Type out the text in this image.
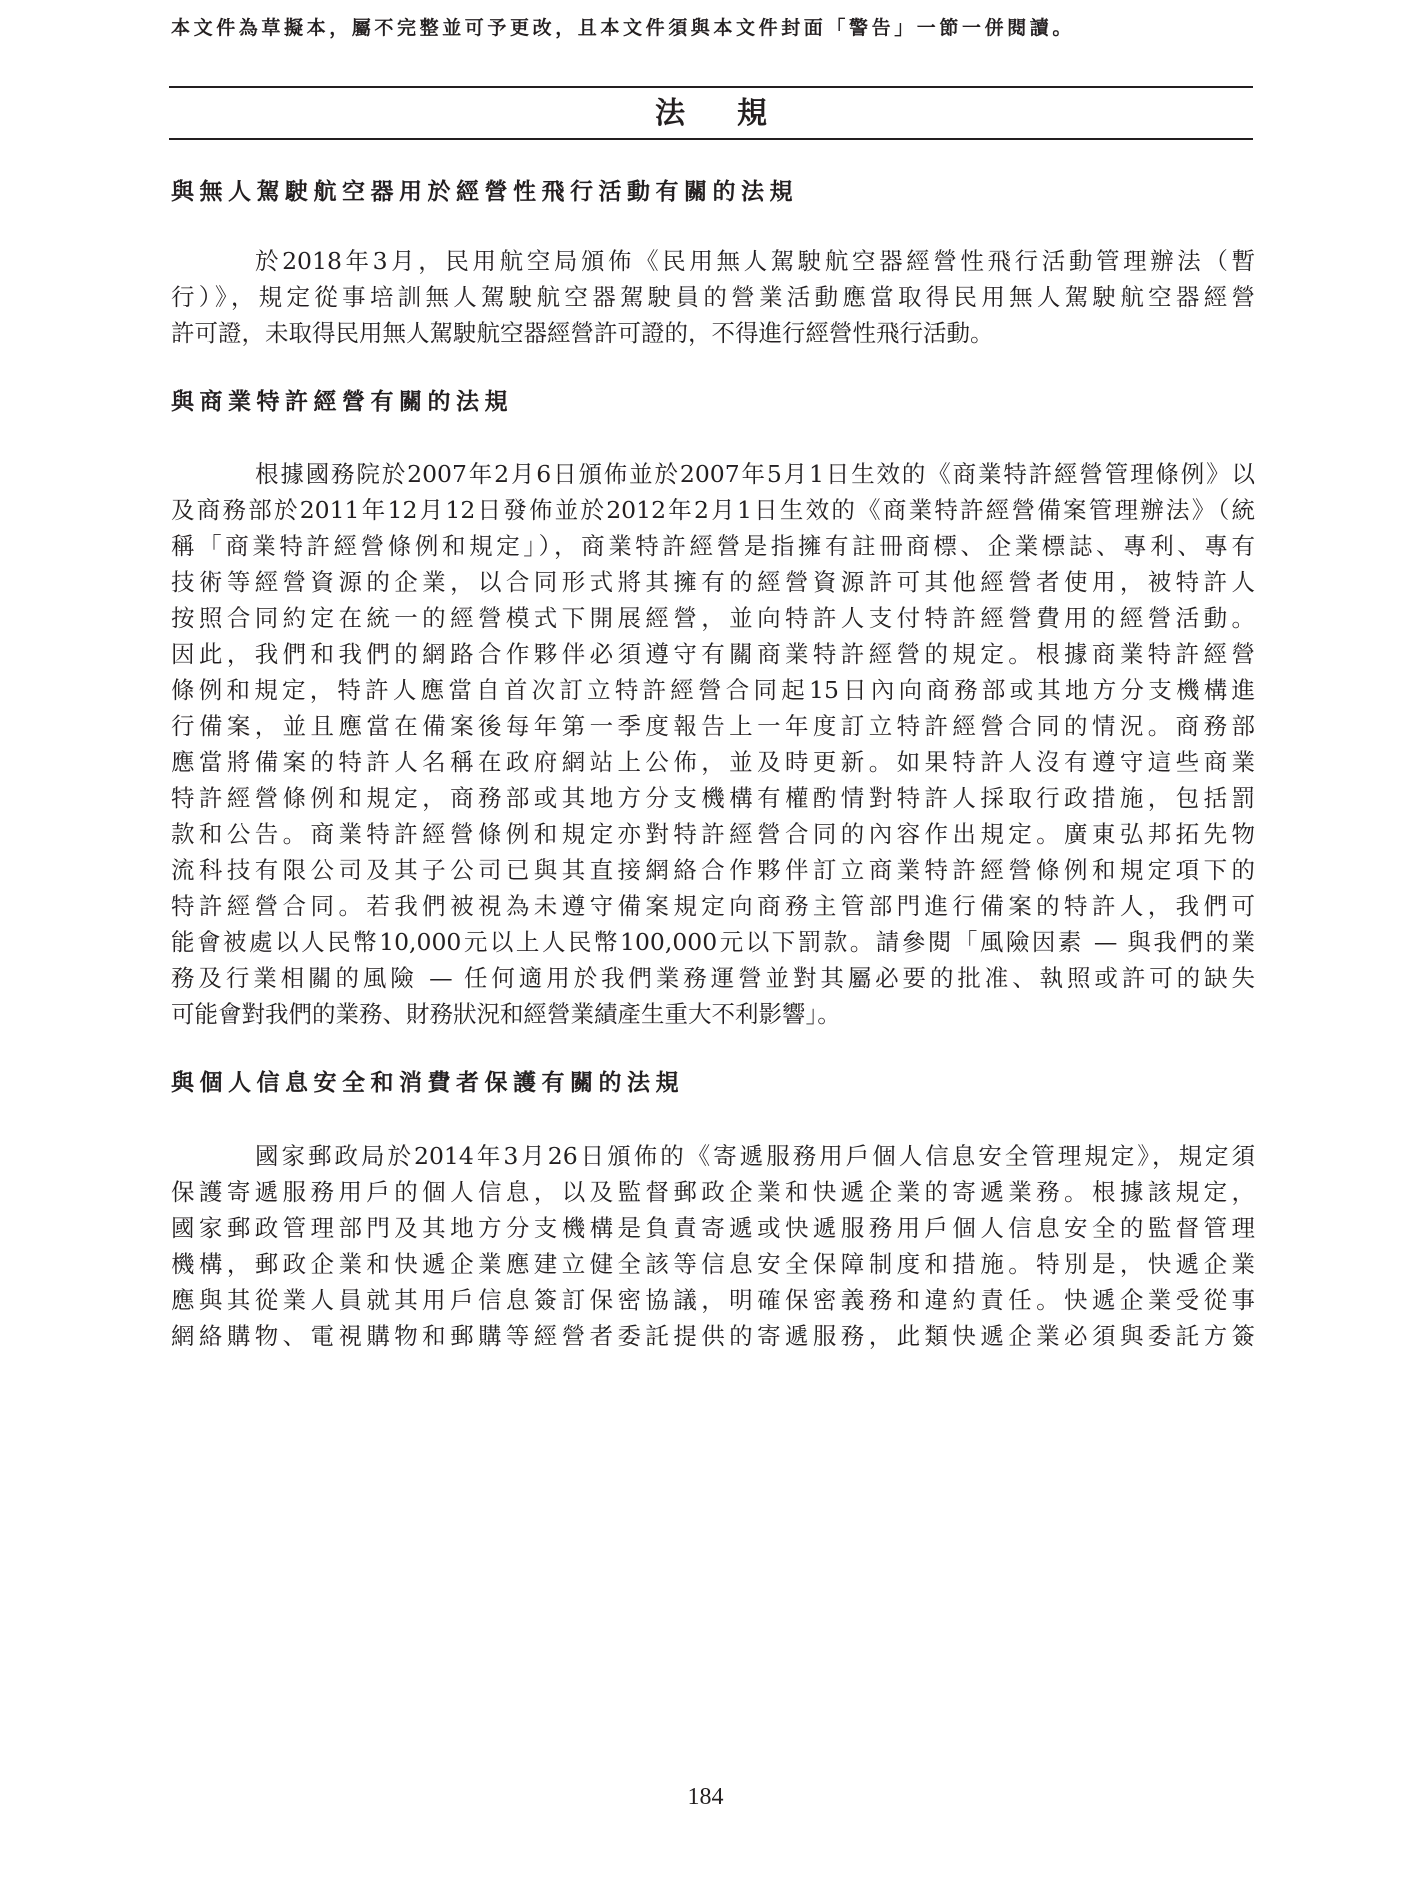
本文件為草擬本，屬不完整並可予更改，且本文件須與本文件封面「警告」一節一併閱讀。
法規
與無人駕駛航空器用於經營性飛行活動有關的法規
於2018年3月，民用航空局頒佈《民用無人駕駛航空器經營性飛行活動管理辦法（暫
行）》，規定從事培訓無人駕駛航空器駕駛員的營業活動應當取得民用無人駕駛航空器經營
許可證，未取得民用無人駕駛航空器經營許可證的，不得進行經營性飛行活動。
與商業特許經營有關的法規
根據國務院於2007年2月6日頒佈並於2007年5月1日生效的《商業特許經營管理條例》以
及商務部於2011年12月12日發佈並於2012年2月1日生效的《商業特許經營備案管理辦法》（統
稱「商業特許經營條例和規定」），商業特許經營是指擁有註冊商標、企業標誌、專利、專有
技術等經營資源的企業，以合同形式將其擁有的經營資源許可其他經營者使用，被特許人
按照合同約定在統一的經營模式下開展經營，並向特許人支付特許經營費用的經營活動。
因此，我們和我們的網路合作夥伴必須遵守有關商業特許經營的規定。根據商業特許經營
條例和規定，特許人應當自首次訂立特許經營合同起15日內向商務部或其地方分支機構進
行備案，並且應當在備案後每年第一季度報告上一年度訂立特許經營合同的情況。商務部
應當將備案的特許人名稱在政府網站上公佈，並及時更新。如果特許人沒有遵守這些商業
特許經營條例和規定，商務部或其地方分支機構有權酌情對特許人採取行政措施，包括罰
款和公告。商業特許經營條例和規定亦對特許經營合同的內容作出規定。廣東弘邦拓先物
流科技有限公司及其子公司已與其直接網絡合作夥伴訂立商業特許經營條例和規定項下的
特許經營合同。若我們被視為未遵守備案規定向商務主管部門進行備案的特許人，我們可
能會被處以人民幣10,000元以上人民幣100,000元以下罰款。請參閱「風險因素 — 與我們的業
務及行業相關的風險 — 任何適用於我們業務運營並對其屬必要的批准、執照或許可的缺失
可能會對我們的業務、財務狀況和經營業績產生重大不利影響」。
與個人信息安全和消費者保護有關的法規
國家郵政局於2014年3月26日頒佈的《寄遞服務用戶個人信息安全管理規定》，規定須
保護寄遞服務用戶的個人信息，以及監督郵政企業和快遞企業的寄遞業務。根據該規定，
國家郵政管理部門及其地方分支機構是負責寄遞或快遞服務用戶個人信息安全的監督管理
機構，郵政企業和快遞企業應建立健全該等信息安全保障制度和措施。特別是，快遞企業
應與其從業人員就其用戶信息簽訂保密協議，明確保密義務和違約責任。快遞企業受從事
網絡購物、電視購物和郵購等經營者委託提供的寄遞服務，此類快遞企業必須與委託方簽
184
